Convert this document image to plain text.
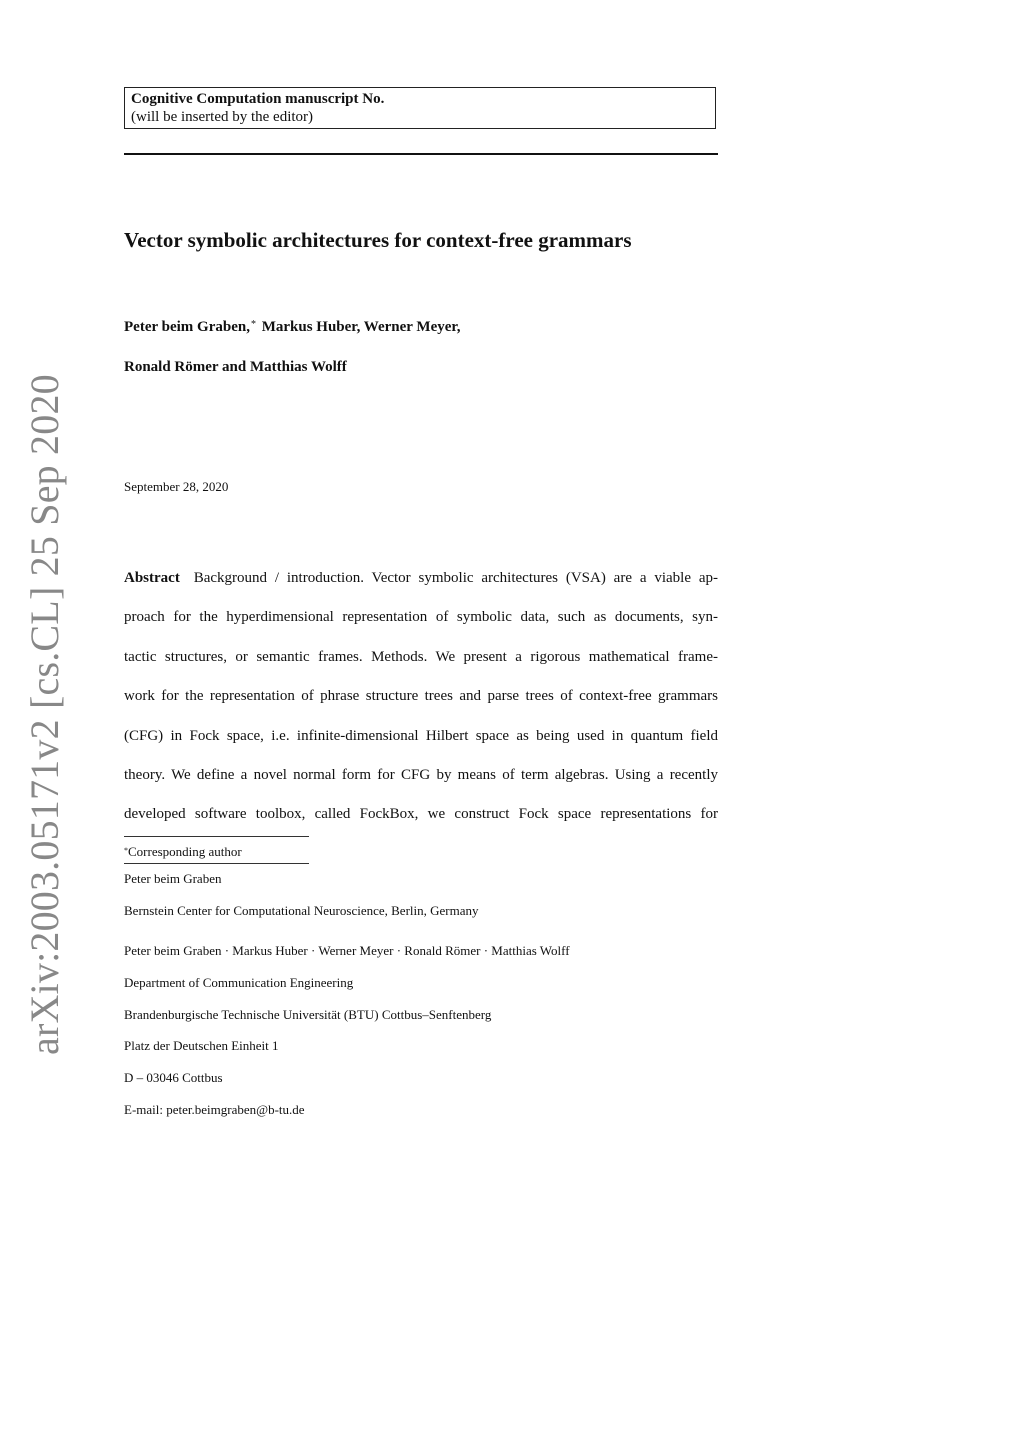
Cognitive Computation manuscript No.
(will be inserted by the editor)
Vector symbolic architectures for context-free grammars
Peter beim Graben,* Markus Huber, Werner Meyer,
Ronald Römer and Matthias Wolff
September 28, 2020
arXiv:2003.05171v2 [cs.CL] 25 Sep 2020	Abstract Background / introduction. Vector symbolic architectures (VSA) are a viable ap-
proach for the hyperdimensional representation of symbolic data, such as documents, syn-
tactic structures, or semantic frames. Methods. We present a rigorous mathematical frame-
work for the representation of phrase structure trees and parse trees of context-free grammars
(CFG) in Fock space, i.e. infinite-dimensional Hilbert space as being used in quantum field
theory. We define a novel normal form for CFG by means of term algebras. Using a recently
developed software toolbox, called FockBox, we construct Fock space representations for
*Corresponding author
Peter beim Graben
Bernstein Center for Computational Neuroscience, Berlin, Germany
Peter beim Graben · Markus Huber · Werner Meyer · Ronald Römer · Matthias Wolff
Department of Communication Engineering
Brandenburgische Technische Universität (BTU) Cottbus–Senftenberg
Platz der Deutschen Einheit 1
D – 03046 Cottbus
E-mail: peter.beimgraben@b-tu.de
